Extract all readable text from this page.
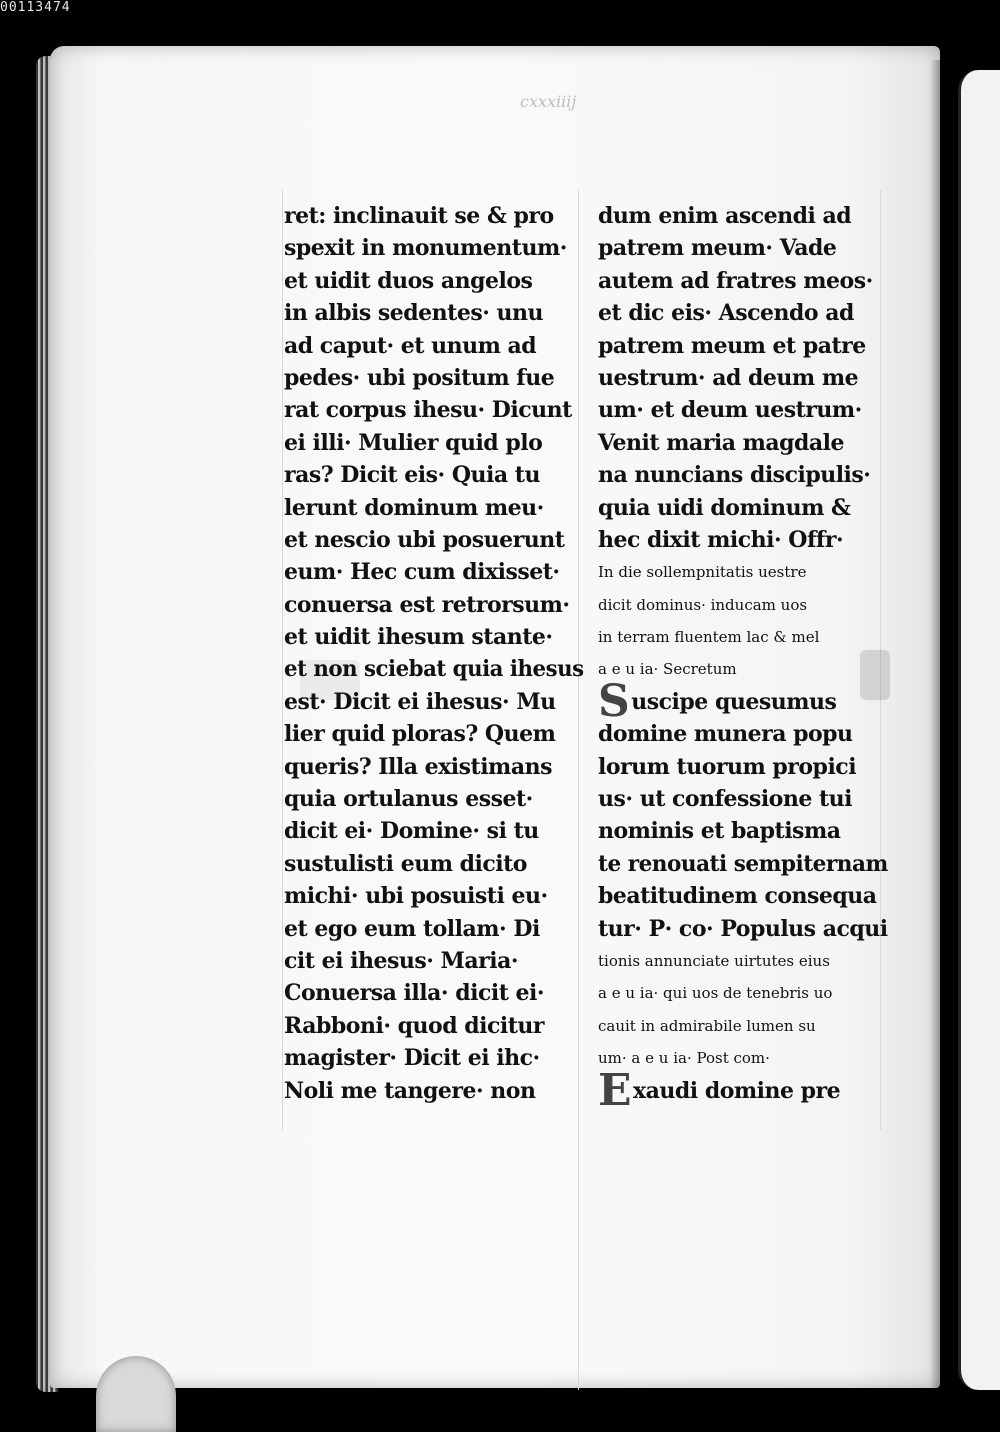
00113474
cxxxiiij
ret: inclinauit se & pro
spexit in monumentum·
et uidit duos angelos
in albis sedentes· unu
ad caput· et unum ad
pedes· ubi positum fue
rat corpus ihesu· Dicunt
ei illi· Mulier quid plo
ras? Dicit eis· Quia tu
lerunt dominum meu·
et nescio ubi posuerunt
eum· Hec cum dixisset·
conuersa est retrorsum·
et uidit ihesum stante·
et non sciebat quia ihesus
est· Dicit ei ihesus· Mu
lier quid ploras? Quem
queris? Illa existimans
quia ortulanus esset·
dicit ei· Domine· si tu
sustulisti eum dicito
michi· ubi posuisti eu·
et ego eum tollam· Di
cit ei ihesus· Maria·
Conuersa illa· dicit ei·
Rabboni· quod dicitur
magister· Dicit ei ihc·
Noli me tangere· non
dum enim ascendi ad
patrem meum· Vade
autem ad fratres meos·
et dic eis· Ascendo ad
patrem meum et patre
uestrum· ad deum me
um· et deum uestrum·
Venit maria magdale
na nuncians discipulis·
quia uidi dominum &
hec dixit michi· Offr·
In die sollempnitatis uestre
dicit dominus· inducam uos
in terram fluentem lac & mel
a e u ia· Secretum
Suscipe quesumus
domine munera popu
lorum tuorum propici
us· ut confessione tui
nominis et baptisma
te renouati sempiternam
beatitudinem consequa
tur· P· co· Populus acqui
tionis annunciate uirtutes eius
a e u ia· qui uos de tenebris uo
cauit in admirabile lumen su
um· a e u ia· Post com·
Exaudi domine pre
